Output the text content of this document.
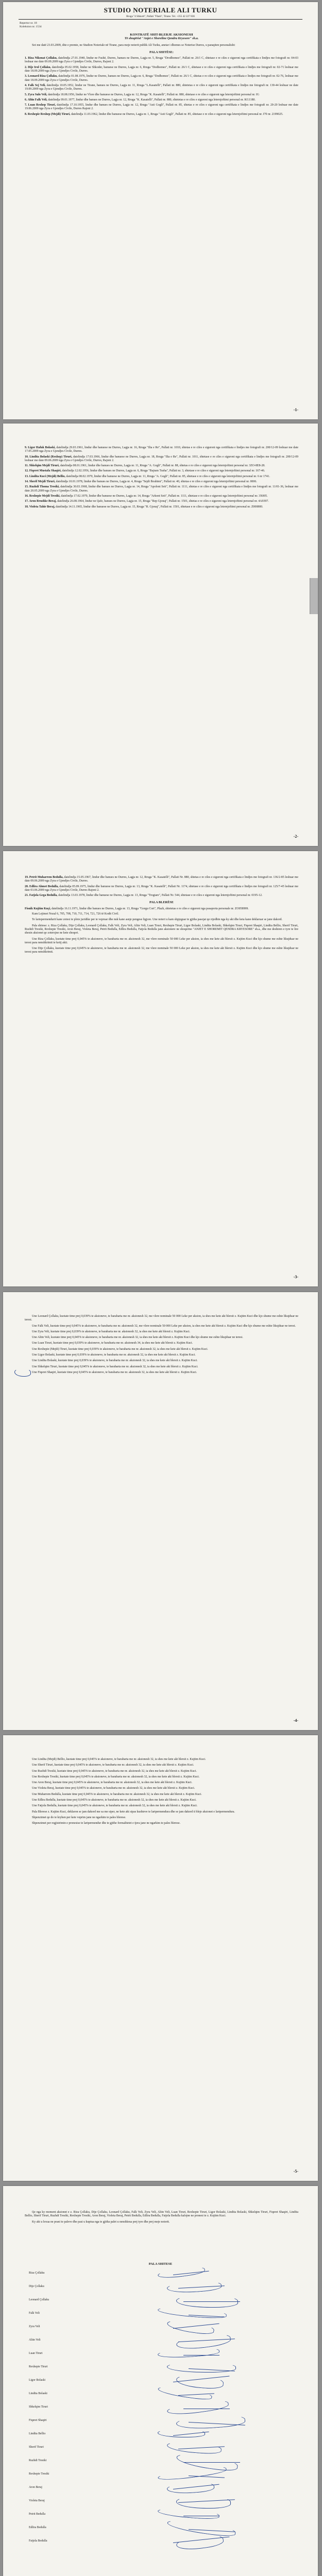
STUDIO NOTERIALE ALI TURKU
Rruga "4 Shkurti", Pallati "Flash", Tirane. Tel. +355 42 227 836
Repertor nr. 18
Koleksion nr. 1534
KONTRATË SHIT-BLERJE AKSIONESH
Të shoqërisë "Anjet e Shoreline Qendra Kryesore" sh.a.

Sot me datë 23.03.2009, dite e premte, ne Studion Noteriale në Tirane, para meje noterit publik Ali Turku, anetar i dhomes se Noterise Durres, u paraqiten personalisht:

PALA SHITËSE:

1. Riza Nikonat Çollaku, datelindja 27.01.1940, lindur ne Fushë, Durres, banues ne Durres, Lagja nr. 5, Rruga "Drodhomez", Pallati nr. 26/1 C, shtetase e re ciles e siguroni nga certifikata e lindjes me fotografi nr. 04-03 leshuar me date 09.09.2009 nga Zyra e Gjendjes Civile, Durres, Rajoni 2.

2. Dije Irol Çollaku, datelindja 05.02.1958, lindur ne Shkoder, banuese ne Durres, Lagja nr. 6, Rruga "Dodhomez", Pallati nr. 26/1 C, shtetase e re ciles e siguroni nga certifikata e lindjes me fotografi nr. 02-71 leshuar me date 18.09.2009 nga Zyra e Gjendjes Civile, Durres.

3. Leonard Riza Çollaku, datelindja 01.08.1976, lindur ne Durres, banues ne Durres, Lagja nr. 6, Rruga "Dodhomez", Pallati nr. 26/1 C, shtetas e re ciles e siguroni nga certifikata e lindjes me fotografi nr. 02-76, leshuar me date 18.09.2009 nga Zyra e Gjendjes Civile, Durres.

4. Falk Sej Veli, datelindja 10.05.1952, lindur ne Tirane, banues ne Durres, Lagja nr. 11, Rruga "L.Kasatelli", Pallati nr. 880, shtetetas e re ciles e siguroni nga certifikata e lindjes me fotografi nr. 130-44 leshuar ne date 19.09.2009 nga Zyra e Gjendjes Civile, Durres.

5. Zyra Sulo Veli, datelindja 18.08.1956, lindur ne Vlore dhe banuese ne Durres, Lagja nr. 12, Rruga "K. Kasatelli", Pallati nr. 880, shtetase e re ciles e siguroni nga leternjoftimi personal nr. IG

6. Altin Falk Veli, datelindja 09.01.1977, lindur dhe banues ne Durres, Lagja nr. 12, Rruga "K. Kasatelli", Pallati nr. 880, shtetetas e re ciles e siguroni nga leternjoftimi personal nr. KG1180.

7. Luan Rexhep Tiruri, datelindja 17.10.1955, lindur dhe banues ne Durres, Lagja nr. 12, Rruga "Asti Gogli", Pallati nr. 85, shtetas e re ciles e siguroni nga certifikata e lindjes me fotografi nr. 20-20 leshuar me date 19.06.2009 nga Zyra e Gjendjes Civile, Durres Rajoni 2.

8. Rexhepie Rexhep (Mejdi) Tiruri, datelindja 11.03.1962, lindur dhe banuese ne Durres, Lagja nr. 1, Rruga "Asti Gogli", Pallati nr. 85, shtetase e re ciles e siguroni nga leternjoftimi personal nr. I70 nr. 2199025.

-1-

9. Ligor Hafuk Bolaski, datelindja 29.03.1961, lindur dhe banuese ne Durres, Lagja nr. 16, Rruga "Ilia e Re", Pallati nr. 1010, shtetas e re ciles e siguroni nga certifikata e lindjes me fotografi nr. 200/12-09 leshuar me date 17.05.2009 nga Zyra e Gjendjes Civile, Durres.

10. Lindita Bolaski (Rexhep) Tiruri, datelindja 17.03.1966, lindur dhe banuese ne Durres, Lagja nr. 18, Rruga "Ilia e Re", Pallati nr. 1011, shtetase e re ciles e siguroni nga certifikata e lindjes me fotografi nr. 200/12-09 leshuar me date 09.06.2009 nga Zyra e Gjendjes Civile, Durres, Rajoni 2.

11. Shkelqim Mejdi Tiruri, datelindja 08.01.1961, lindur dhe banues ne Durres, Lagja nr. 11, Rruga "A. Gogli", Pallati nr. 88, shtetas e re ciles e siguroni nga leternjoftimi personal nr. 3ZO-8E8-28.

12. Fiqeret Mustafa Shaqiri, datelindja 12.02.1956, lindur dhe banues ne Durres, Lagja nr. 6, Rruga "Bajram Tusha", Pallati nr. 3, shtetase e re ciles e siguroni nga leternjoftimi personal nr. 167-46.

13. Lindita Kuci (Mejdi) Bellio, datelindja 08.02.1970, lindur dhe banuese ne Durres, Lagja nr. 11, Rruga "A. Gogli", Pallati nr. 85, shtetase e re ciles e siguroni nga leternjoftimi personal nr. 6 nr 1741.

14. Sherif Mejdi Tiruri, datelindja 10.01.1978, lindur dhe banues ne Durres, Lagja nr. 4, Rruga "Sejdi Ibrahimi", Pallati nr. 40, shtetas e re ciles e siguroni nga leternjoftimi personal nr. 0006.

15. Ruzhdi Thoma Tresiki, datelindja 30.03.1968, lindur dhe banues ne Durres, Lagja nr. 14, Rruga "Apolont Seit", Pallati nr. 1111, shtetas e re ciles e siguroni nga certifikata e lindjes me fotografi nr. 11/01-36, leshuar me date 20.05.2009 nga Zyra e Gjendjes Civile, Durres.

16. Rexhepie Mejdi Tresiki, datelindja 17.02.1970, lindur dhe banuese ne Durres, Lagja nr. 14, Rruga "Arkont Seit", Pallati nr. 1111, shtetase e re ciles e siguroni nga leternjoftimi personal nr. 3X005.

17. Aron Rrushke Beraj, datelindja 26.08.1964, lindur ne Qafe, banues ne Durres, Lagja nr. 15, Rruga "Rep Gjonaj", Pallati nr. 1501, shtetas e re ciles e siguroni nga leternjoftimi personal nr. 4A9397.

18. Violeta Tahir Beraj, datelindja 14.11.1965, lindur dhe banuese ne Durres, Lagja nr. 15, Rruga "R. Gjonaj", Pallati nr. 1501, shtetase e re ciles e siguroni nga leternjoftimi personal nr. Z000800.

-2-

19. Petrit Muharrem Bedulla, datelindja 15.05.1967, lindur dhe banues ne Durres, Lagja nr. 12, Rruga "K. Kasatelli", Pallati Nr. 880, shtetas e re ciles e siguroni nga certifikata e lindjes me fotografi nr. 136/2-85 leshuar me date 09.06.2009 nga Zyra e Gjendjes Civile, Durres.

20. Edlira Ahmet Bedulla, datelindja 05.09.1975, lindur dhe banuese ne Durres, Lagja nr. 13, Rruga "K. Kasatelli", Pallati Nr. 1174, shtetase e re ciles e siguroni nga certifikata e lindjes me fotografi nr. 125/7-45 leshuar me date 03.06.2009 nga Zyra e Gjendjes Civile, Durres Rajoni 2.

21. Fatjola Gega Bedulla, datelindja 13.03.1978, lindur dhe banuese ne Durres, Lagja nr. 13, Rruga "Tregtare", Pallati Nr. 544, shtetase e re ciles e siguroni nga leternjoftimi personal nr. 0195-12.

PALA BLERËSE

Fisnik Kujtim Kuçi, datelindja 16.11.1971, lindur dhe banues ne Durres, Lagja nr. 13, Rruga "Gorgu Cort", Plazh, shtetetas e re ciles e siguroni nga pasaporta personale nr. ZO058999.

Kam Lejimet Nozal 6, 705, 708, 710, 711, 714, 721, 726 të Kodit Civil.

Te lartepermendurit kane zotesi te plote juridike per te vepruar dhe nuk kane asnje pengese ligjore. Une noteri u kam shpjeguar te gjitha pasojat qe rrjedhin nga ky akt dhe keta kane deklaruar se jane dakord.

Pala shitese: z. Riza Çollaku, Dije Çollaku, Leonard Çollaku, Falk Veli, Zyra Veli, Altin Veli, Luan Tiruri, Rexhepie Tiruri, Ligor Bolaski, Lindita Bolaski, Shkelqim Tiruri, Fiqeret Shaqiri, Lindita Bellio, Sherif Tiruri, Ruzhdi Tresiki, Rexhepie Tresiki, Aron Beraj, Violeta Beraj, Petrit Bedulla, Edlira Bedulla, Fatjola Bedulla jane aksionere ne shoqerine "ANJET E SHOREMIT QENDRA KRYESORE" sh.a., dhe me deshiren e tyre te lire shesin aksionet qe zoterojne ne kete shoqeri.

Une Riza Çollaku, kuotate time prej 0,045% te aksioneve, te barabarta me nr. aksionesh 32, me vlere nominale 50 000 Leke per aksion, ia shes me kete akt blersit z. Kujtim Kuci dhe kjo shume me eshte likujduar ne teresi para nenshkrimit te ketij akti.

Une Dije Çollaku, kuotate time prej 0,045% te aksioneve, te barabarta me nr. aksionesh 32, me vlere nominale 50 000 Leke per aksion, ia shes me kete akt blersit z. Kujtim Kuci dhe kjo shume me eshte likujduar ne teresi para nenshkrimit.

-3-

Une Leonard Çollaku, kuotate time prej 0,039% te aksioneve, te barabarta me nr. aksionesh 32, me vlere nominale 50 000 Leke per aksion, ia shes me kete akt blersit z. Kujtim Kuci dhe kjo shume me eshte likujduar ne teresi.

Une Falk Veli, kuotate time prej 0,045% te aksioneve, te barabarta me nr. aksionesh 32, me vlere nominale 50 000 Leke per aksion, ia shes me kete akt blersit z. Kujtim Kuci dhe kjo shume me eshte likujduar ne teresi.

Une Zyra Veli, kuotate time prej 0,039% te aksioneve, te barabarta me nr. aksionesh 32, ia shes me kete akt blersit z. Kujtim Kuci.

Une Altin Veli, kuotate time prej 0,045% te aksioneve, te barabarta me nr. aksionesh 32, ia shes me kete akt blersit z. Kujtim Kuci dhe kjo shume me eshte likujduar ne teresi.

Une Luan Tiruri, kuotate time prej 0,039% te aksioneve, te barabarta me nr. aksionesh 34, ia shes me kete akt blersit z. Kujtim Kuci.

Une Rexhepie (Mejdi) Tiruri, kuotate time prej 0,039% te aksioneve, te barabarta me nr. aksionesh 32, ia shes me kete akt blersit z. Kujtim Kuci.

Une Ligor Bolaski, kuotate time prej 0,039% te aksioneve, te barabarta me nr. aksionesh 32, ia shes me kete akt blersit z. Kujtim Kuci.

Une Lindita Bolaski, kuotate time prej 0,039% te aksioneve, te barabarta me nr. aksionesh 32, ia shes me kete akt blersit z. Kujtim Kuci.

Une Shkelqim Tiruri, kuotate time prej 0,045% te aksioneve, te barabarta me nr. aksionesh 32, ia shes me kete akt blersit z. Kujtim Kuci.

Une Fiqeret Shaqiri, kuotate time prej 0,045% te aksioneve, te barabarta me nr. aksionesh 32, ia shes me kete akt blersit z. Kujtim Kuci.

-4-

Une Lindita (Mejdi) Bellio, kuotate time prej 0,045% te aksioneve, te barabarta me nr. aksionesh 32, ia shes me kete akt blersit z. Kujtim Kuci.

Une Sherif Tiruri, kuotate time prej 0,045% te aksioneve, te barabarta me nr. aksionesh 32, ia shes me kete akt blersit z. Kujtim Kuci.

Une Ruzhdi Tresiki, kuotate time prej 0,045% te aksioneve, te barabarta me nr. aksionesh 32, ia shes me kete akt blersit z. Kujtim Kuci.

Une Rexhepie Tresiki, kuotate time prej 0,045% te aksioneve, te barabarta me nr. aksionesh 32, ia shes me kete akt blersit z. Kujtim Kuci.

Une Aron Beraj, kuotate time prej 0,045% te aksioneve, te barabarta me nr. aksionesh 32, ia shes me kete akt blersit z. Kujtim Kuci.

Une Violeta Beraj, kuotate time prej 0,045% te aksioneve, te barabarta me nr. aksionesh 32, ia shes me kete akt blersit z. Kujtim Kuci.

Une Muharrem Bedulla, kuotate time prej 0,045% te aksioneve, te barabarta me nr. aksionesh 32, ia shes me kete akt blersit z. Kujtim Kuci.

Une Edlira Bedulla, kuotate time prej 0,045% te aksioneve, te barabarta me nr. aksionesh 32, ia shes me kete akt blersit z. Kujtim Kuci.

Une Fatjola Bedulla, kuotate time prej 0,045% te aksioneve, te barabarta me nr. aksionesh 32, ia shes me kete akt blersit z. Kujtim Kuci.

Pala Blerese z. Kujtim Kuci, deklaron se jam dakord me sa me siper, ne kete akt sipas kushteve te lartpermendura dhe se jam dakord ti bleje aksionet e lartpermendura.

Shpenzimet qe do te kryhen per kete veprim jane ne ngarkim te pales blerese.

Shpenzimet per regjistrimin e pronesise te lartpermendur dhe te gjithe formalitetet e tjera jane ne ngarkim te pales blerese.

-5-

Qe nga ky moment aksionet e z. Riza Çollaku, Dije Çollaku, Leonard Çollaku, Falk Veli, Zyra Veli, Altin Veli, Luan Tiruri, Rexhepie Tiruri, Ligor Bolaski, Lindita Bolaski, Shkelqim Tiruri, Fiqeret Shaqiri, Lindita Bellio, Sherif Tiruri, Ruzhdi Tresiki, Rexhepie Tresiki, Aron Beraj, Violeta Beraj, Petrit Bedulla, Edlira Bedulla, Fatjola Bedulla kalojne ne pronesi te z. Kujtim Kuci.

Ky akt u lexua ne prani te paleve dhe pasi u kuptua nga te gjitha palet u nenshkrua prej tyre dhe prej meje noterit.

PALA SHITESE
Riza Çollaku
Dije Çollaku
Leonard Çollaku
Falk Veli
Zyra Veli
Altin Veli
Luan Tiruri
Rexhepie Tiruri
Ligor Bolaski
Lindita Bolaski
Shkelqim Tiruri
Fiqeret Shaqiri
Lindita Bellio
Sherif Tiruri
Ruzhdi Tresiki
Rexhepie Tresiki
Aron Beraj
Violeta Beraj
Petrit Bedulla
Edlira Bedulla
Fatjola Bedulla
